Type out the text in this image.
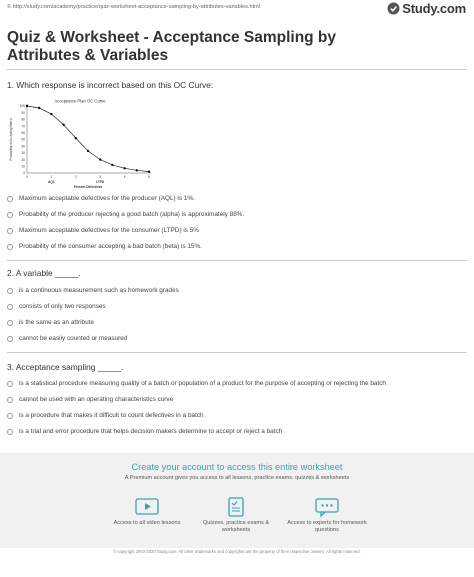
© http://study.com/academy/practice/quiz-worksheet-acceptance-sampling-by-attributes-variables.html	Study.com
Quiz & Worksheet - Acceptance Sampling by Attributes & Variables
1. Which response is incorrect based on this OC Curve:
Acceptance Plan OC Curve
100
90
80
70
60
50
40
30
20
10
0
Probability of Accepting Batch
0	1	2	3	4	5
AQL	LTPD
Percent Defectives
Maximum acceptable defectives for the producer (AQL) is 1%.
Probability of the producer rejecting a good batch (alpha) is approximately 88%.
Maximum acceptable defectives for the consumer (LTPD) is 5%
Probability of the consumer accepting a bad batch (beta) is 15%.
2. A variable _____.
is a continuous measurement such as homework grades
consists of only two responses
is the same as an attribute
cannot be easily counted or measured
3. Acceptance sampling _____.
is a statistical procedure measuring quality of a batch or population of a product for the purpose of accepting or rejecting the batch
cannot be used with an operating characteristics curve
is a procedure that makes it difficult to count defectives in a batch
is a trial and error procedure that helps decision makers determine to accept or reject a batch
Create your account to access this entire worksheet
A Premium account gives you access to all lessons, practice exams, quizzes & worksheets
Access to all video lessons	Quizzes, practice exams & worksheets
Access to experts for homework questions

© copyright 2003-2020 Study.com. All other trademarks and copyrights are the property of their respective owners. All rights reserved.
